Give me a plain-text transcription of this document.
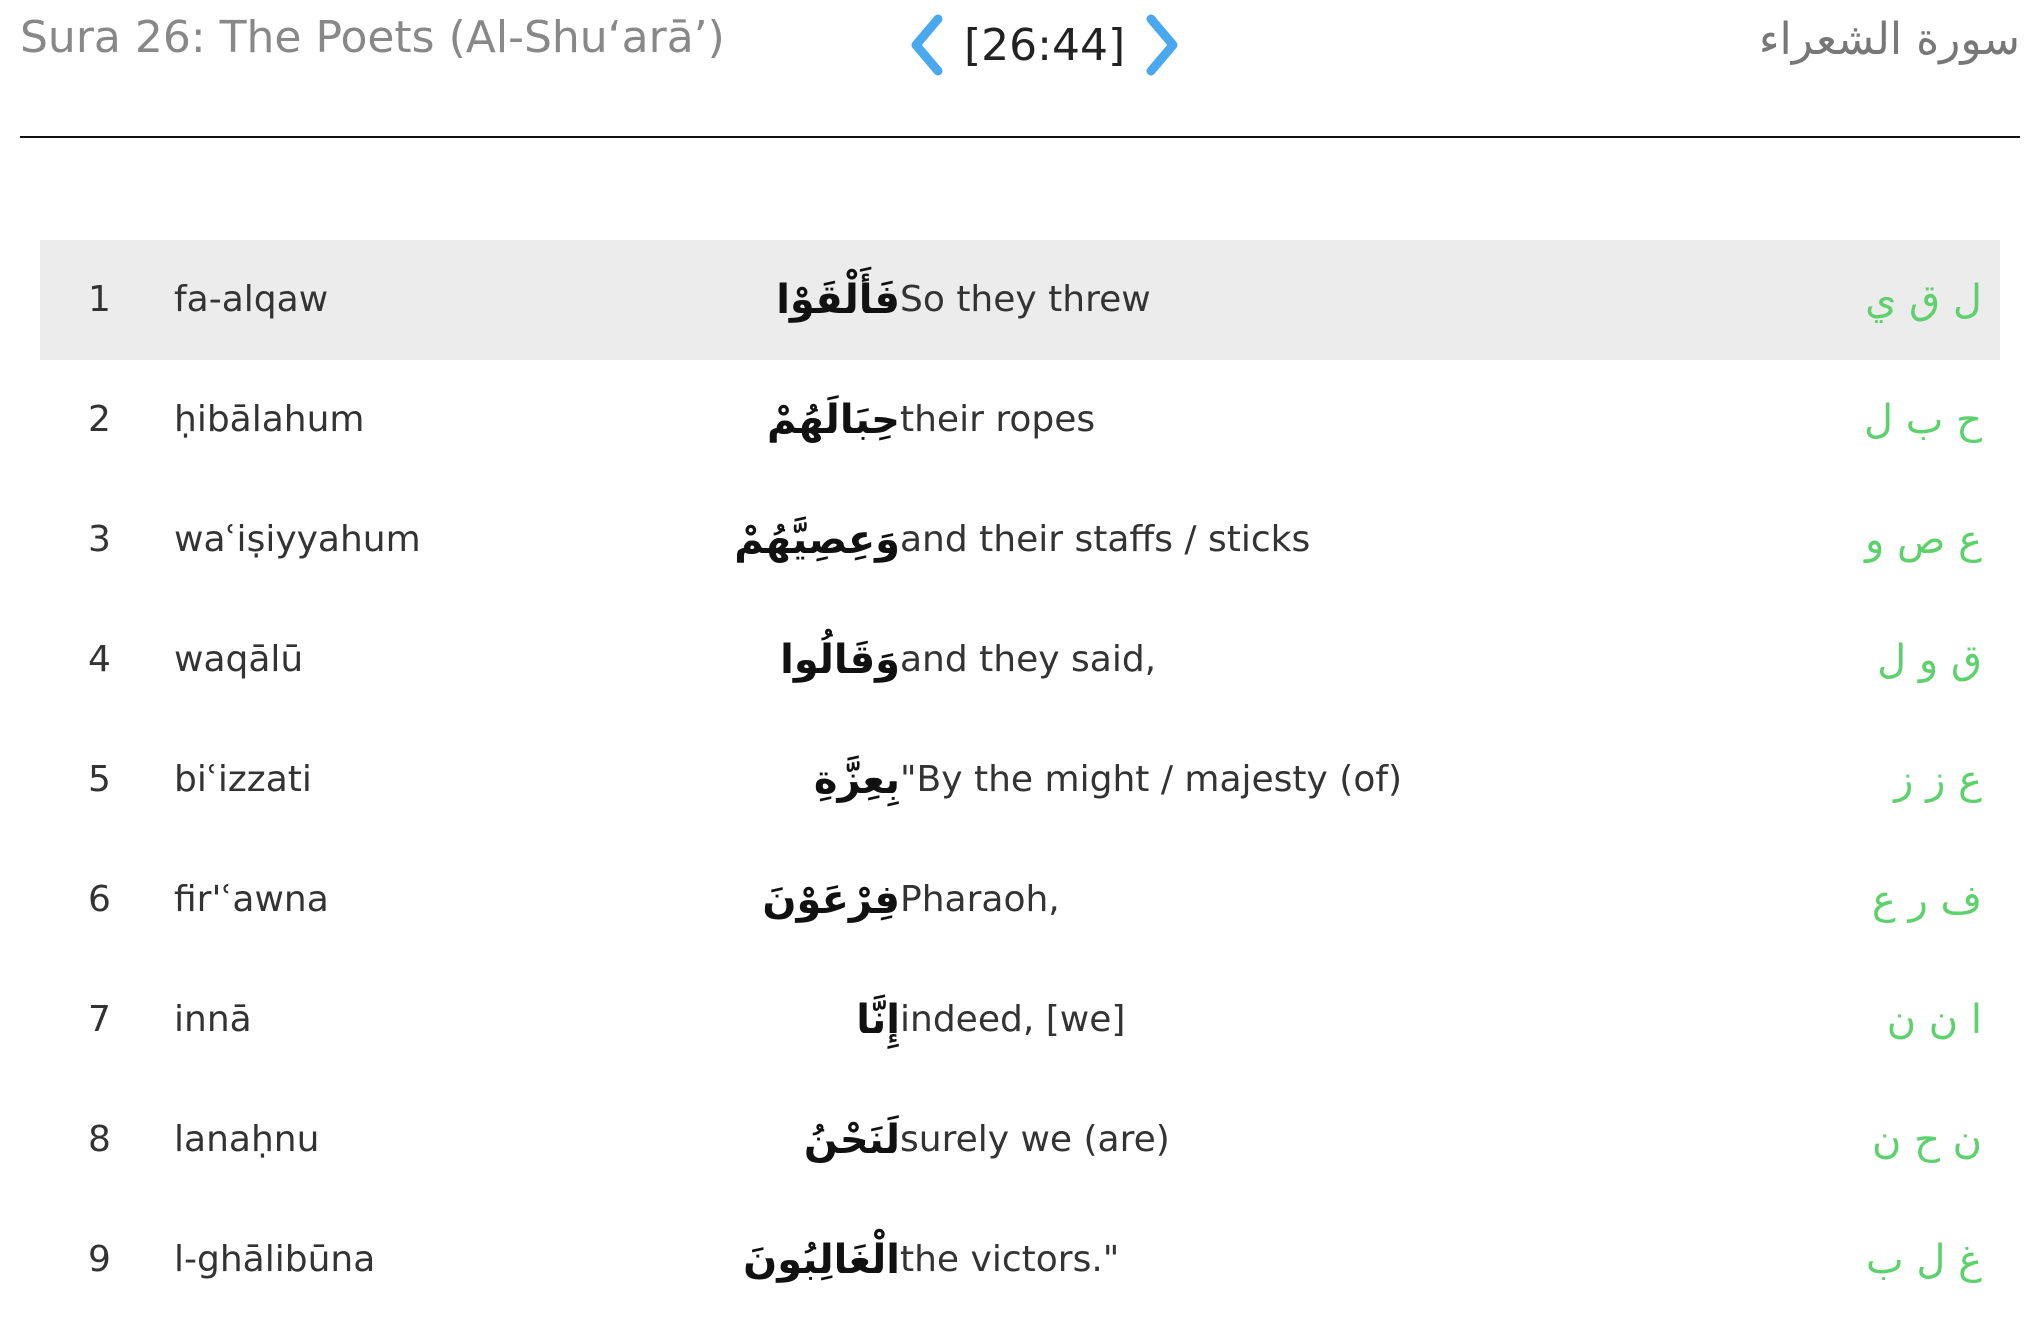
Sura 26: The Poets (Al-Shu‘arā’)	[26:44]	سورة الشعراء
1 fa-alqaw	فَأَلْقَوْا So they threw	ل ق ي
2 ḥibālahum	حِبَالَهُمْ their ropes	ح ب ل
3 waʿiṣiyyahum	وَعِصِيَّهُمْ and their staffs / sticks	ع ص و
4 waqālū	وَقَالُوا and they said,	ق و ل
5 biʿizzati	بِعِزَّةِ "By the might / majesty (of)	ع ز ز
6 fir'ʿawna	فِرْعَوْنَ Pharaoh,	ف ر ع
7 innā	إِنَّا indeed, [we]	ا ن ن
8 lanaḥnu	لَنَحْنُ surely we (are)	ن ح ن
9 l-ghālibūna	الْغَالِبُونَ the victors."	غ ل ب
